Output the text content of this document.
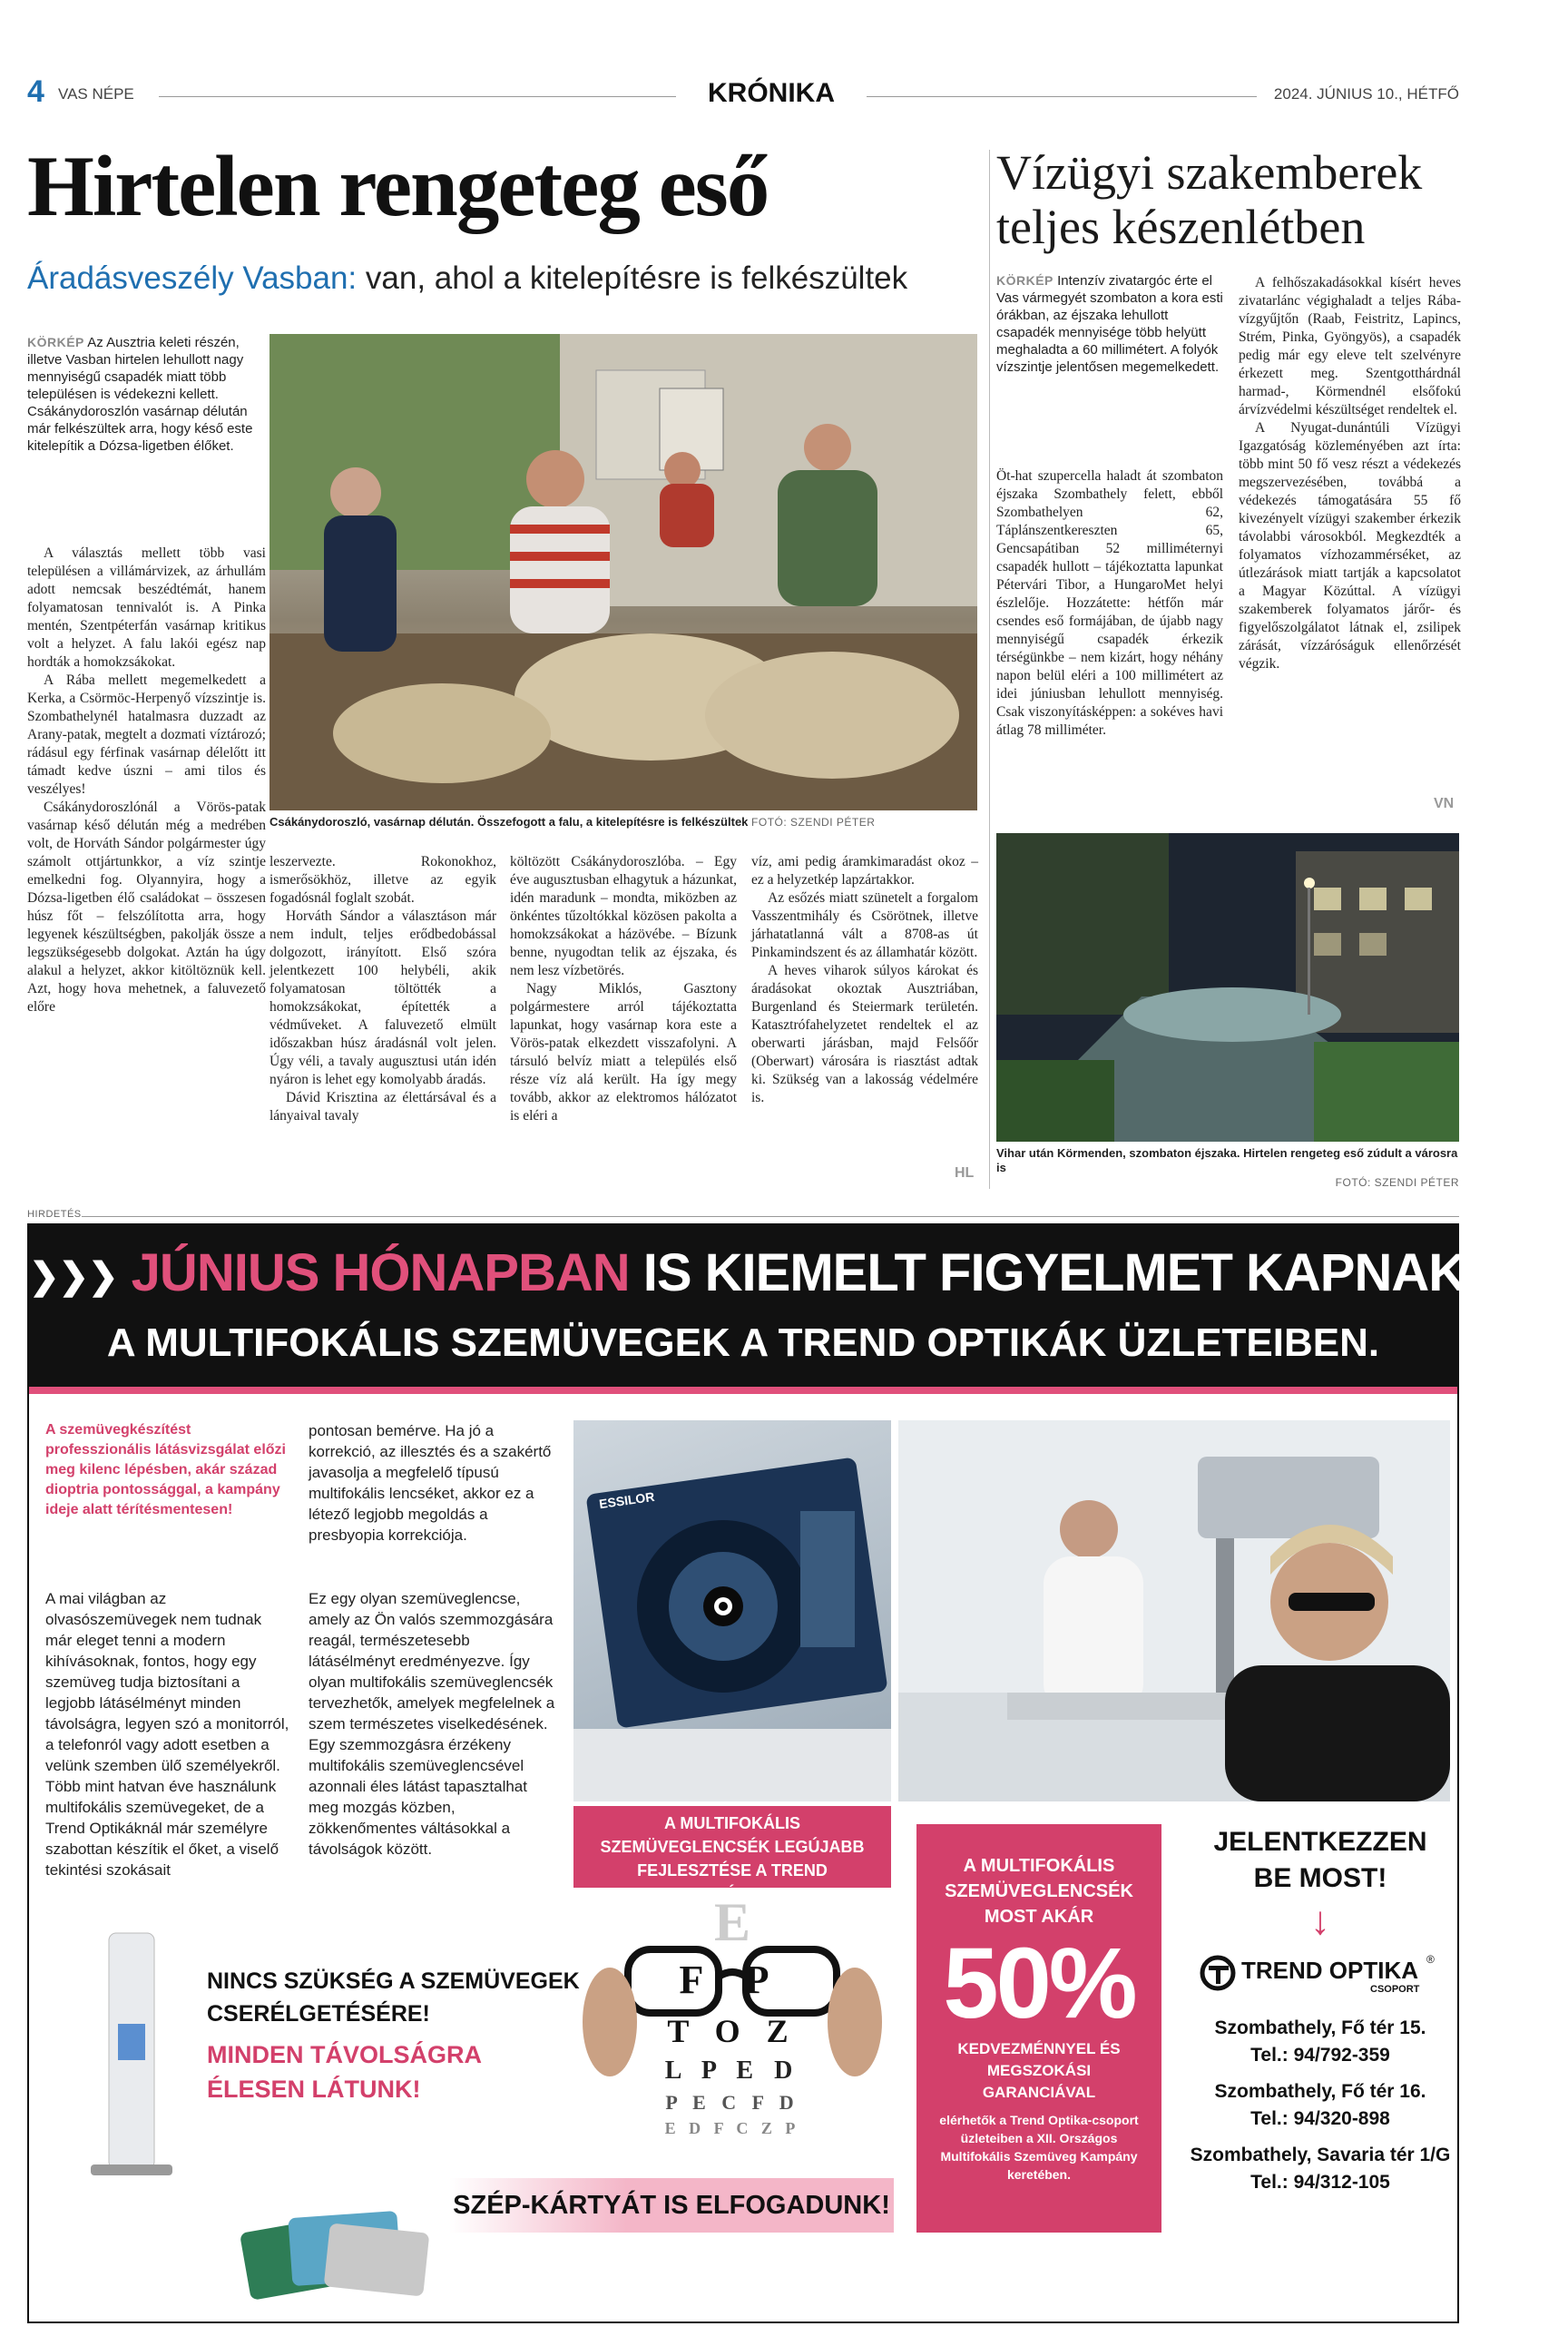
4 VAS NÉPE	KRÓNIKA	2024. JÚNIUS 10., HÉTFŐ
Hirtelen rengeteg eső
Áradásveszély Vasban: van, ahol a kitelepítésre is felkészültek

KÖRKÉP Az Ausztria keleti részén, illetve Vasban hirtelen lehullott nagy mennyiségű csapadék miatt több településen is védekezni kellett. Csákánydoroszlón vasárnap délután már felkészültek arra, hogy késő este kitelepítik a Dózsa-ligetben élőket.

Csákánydoroszló, vasárnap délután. Összefogott a falu, a kitelepítésre is felkészültek FOTÓ: SZENDI PÉTER

A választás mellett több vasi településen a villámárvizek, az árhullám adott nemcsak beszédtémát, hanem folyamatosan tennivalót is. A Pinka mentén, Szentpéterfán vasárnap kritikus volt a helyzet. A falu lakói egész nap hordták a homokzsákokat.

A Rába mellett megemelkedett a Kerka, a Csörmöc-Herpenyő vízszintje is. Szombathelynél hatalmasra duzzadt az Arany-patak, megtelt a dozmati víztározó; rádásul egy férfinak vasárnap délelőtt itt támadt kedve úszni – ami tilos és veszélyes!

Csákánydoroszlónál a Vörös-patak vasárnap késő délután még a medrében volt, de Horváth Sándor polgármester úgy számolt ottjártunkkor, a víz szintje emelkedni fog. Olyannyira, hogy a Dózsa-ligetben élő családokat – összesen húsz főt – felszólította arra, hogy legyenek készültségben, pakolják össze a legszükségesebb dolgokat. Aztán ha úgy alakul a helyzet, akkor kitöltöznük kell. Azt, hogy hova mehetnek, a faluvezető előre

leszervezte. Rokonokhoz, ismerősökhöz, illetve az egyik fogadósnál foglalt szobát.

Horváth Sándor a választáson már nem indult, teljes erődbedobással dolgozott, irányított. Első szóra jelentkezett 100 helybéli, akik folyamatosan töltötték a homokzsákokat, építették a védműveket. A faluvezető elmült időszakban húsz áradásnál volt jelen. Úgy véli, a tavaly augusztusi után idén nyáron is lehet egy komolyabb áradás.

Dávid Krisztina az élettársával és a lányaival tavaly

költözött Csákánydoroszlóba. – Egy éve augusztusban elhagytuk a házunkat, idén maradunk – mondta, miközben az önkéntes tűzoltókkal közösen pakolta a homokzsákokat a házövébe. – Bízunk benne, nyugodtan telik az éjszaka, és nem lesz vízbetörés.

Nagy Miklós, Gasztony polgármestere arról tájékoztatta lapunkat, hogy vasárnap kora este a Vörös-patak elkezdett visszafolyni. A társuló belvíz miatt a település első része víz alá került. Ha így megy tovább, akkor az elektromos hálózatot is eléri a

víz, ami pedig áramkimaradást okoz – ez a helyzetkép lapzártakkor.

Az esőzés miatt szünetelt a forgalom Vasszentmihály és Csörötnek, illetve járhatatlanná vált a 8708-as út Pinkamindszent és az államhatár között.

A heves viharok súlyos károkat és áradásokat okoztak Ausztriában, Burgenland és Steiermark területén. Katasztrófahelyzetet rendeltek el az oberwarti járásban, majd Felsőőr (Oberwart) városára is riasztást adtak ki. Szükség van a lakosság védelmére is.

HL
Vízügyi szakemberek teljes készenlétben

KÖRKÉP Intenzív zivatargóc érte el Vas vármegyét szombaton a kora esti órákban, az éjszaka lehullott csapadék mennyisége több helyütt meghaladta a 60 millimétert. A folyók vízszintje jelentősen megemelkedett.

Öt-hat szupercella haladt át szombaton éjszaka Szombathely felett, ebből Szombathelyen 62, Táplánszentkereszten 65, Gencsapátiban 52 milliméternyi csapadék hullott – tájékoztatta lapunkat Pétervári Tibor, a HungaroMet helyi észlelője. Hozzátette: hétfőn már csendes eső formájában, de újabb nagy mennyiségű csapadék érkezik térségünkbe – nem kizárt, hogy néhány napon belül eléri a 100 millimétert az idei júniusban lehullott mennyiség. Csak viszonyításképpen: a sokéves havi átlag 78 milliméter.

A felhőszakadásokkal kísért heves zivatarlánc végighaladt a teljes Rába-vízgyűjtőn (Raab, Feistritz, Lapincs, Strém, Pinka, Gyöngyös), a csapadék pedig már egy eleve telt szelvényre érkezett meg. Szentgotthárdnál harmad-, Körmendnél elsőfokú árvízvédelmi készültséget rendeltek el.

A Nyugat-dunántúli Vízügyi Igazgatóság közleményében azt írta: több mint 50 fő vesz részt a védekezés megszervezésében, továbbá a védekezés támogatására 55 fő kivezényelt vízügyi szakember érkezik távolabbi városokból. Megkezdték a folyamatos vízhozammérséket, az útlezárások miatt tartják a kapcsolatot a Magyar Közúttal. A vízügyi szakemberek folyamatos járőr- és figyelőszolgálatot látnak el, zsilipek zárását, vízzáróságuk ellenőrzését végzik.

VN
Vihar után Körmenden, szombaton éjszaka. Hirtelen rengeteg eső zúdult a városra is
FOTÓ: SZENDI PÉTER
HIRDETÉS
❯❯❯ JÚNIUS HÓNAPBAN IS KIEMELT FIGYELMET KAPNAK ❮❮❮
A MULTIFOKÁLIS SZEMÜVEGEK A TREND OPTIKÁK ÜZLETEIBEN.
A szemüvegkészítést professzionális látásvizsgálat előzi meg kilenc lépésben, akár század dioptria pontossággal, a kampány ideje alatt térítésmentesen!
A mai világban az olvasószemüvegek nem tudnak már eleget tenni a modern kihívásoknak, fontos, hogy egy szemüveg tudja biztosítani a legjobb látásélményt minden távolságra, legyen szó a monitorról, a telefonról vagy adott esetben a velünk szemben ülő személyekről. Több mint hatvan éve használunk multifokális szemüvegeket, de a Trend Optikáknál már személyre szabottan készítik el őket, a viselő tekintési szokásait
pontosan bemérve. Ha jó a korrekció, az illesztés és a szakértő javasolja a megfelelő típusú multifokális lencséket, akkor ez a létező legjobb megoldás a presbyopia korrekciója.
Ez egy olyan szemüveglencse, amely az Ön valós szemmozgására reagál, természetesebb látásélményt eredményezve. Így olyan multifokális szemüveglencsék tervezhetők, amelyek megfelelnek a szem természetes viselkedésének. Egy szemmozgásra érzékeny multifokális szemüveglencsével azonnali éles látást tapasztalhat meg mozgás közben, zökkenőmentes váltásokkal a távolságok között.
ESSILOR
A MULTIFOKÁLIS SZEMÜVEGLENCSÉK LEGÚJABB FEJLESZTÉSE A TREND OPTIKÁKBAN!
E
F P
T O Z
L P E D
P E C F D
E D F C Z P
NINCS SZÜKSÉG A SZEMÜVEGEK
CSERÉLGETÉSÉRE!
MINDEN TÁVOLSÁGRA
ÉLESEN LÁTUNK!
SZÉP-KÁRTYÁT IS ELFOGADUNK!
A MULTIFOKÁLIS SZEMÜVEGLENCSÉK MOST AKÁR
50%
KEDVEZMÉNNYEL ÉS MEGSZOKÁSI GARANCIÁVAL
elérhetők a Trend Optika-csoport üzleteiben a XII. Országos Multifokális Szemüveg Kampány keretében.
JELENTKEZZEN BE MOST!
↓
TREND OPTIKA ®
CSOPORT
Szombathely, Fő tér 15.
Tel.: 94/792-359
Szombathely, Fő tér 16.
Tel.: 94/320-898
Szombathely, Savaria tér 1/G
Tel.: 94/312-105
